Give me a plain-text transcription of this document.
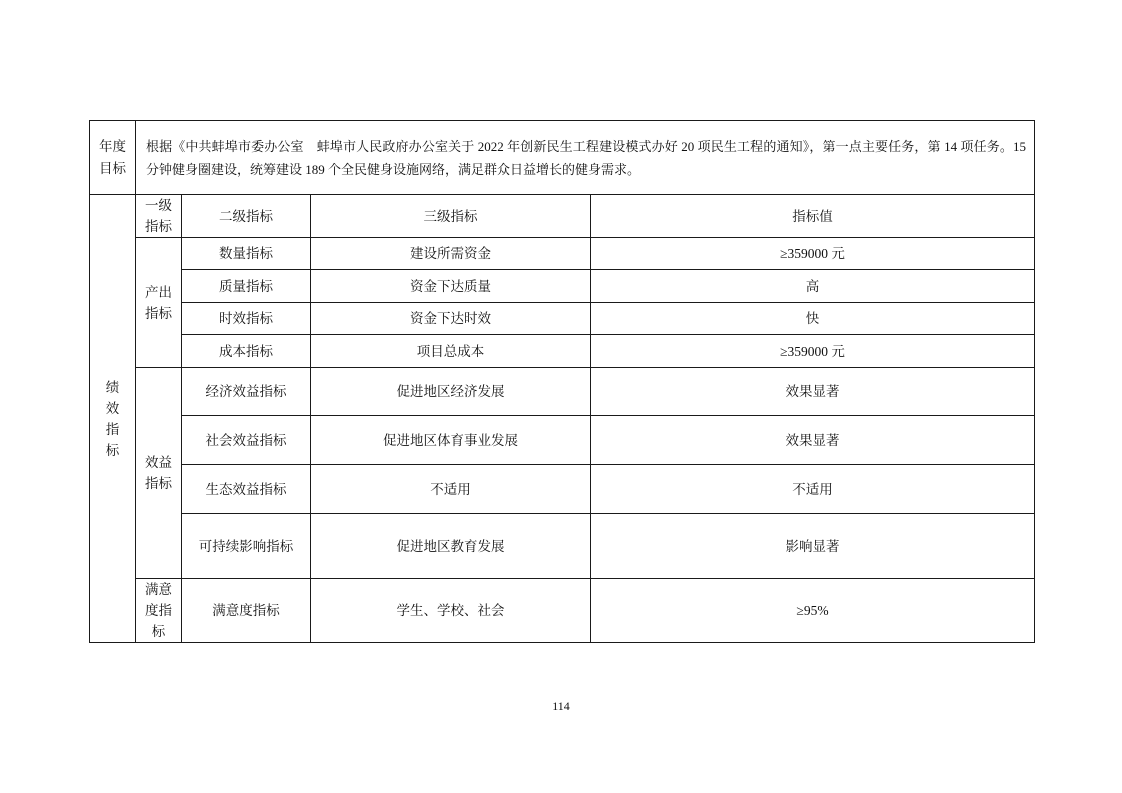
年度目标	根据《中共蚌埠市委办公室　蚌埠市人民政府办公室关于 2022 年创新民生工程建设模式办好 20 项民生工程的通知》，第一点主要任务，第 14 项任务。15 分钟健身圈建设，统筹建设 189 个全民健身设施网络，满足群众日益增长的健身需求。			
绩效指标	一级指标	二级指标	三级指标	指标值
	产出指标	数量指标	建设所需资金	≥359000 元
		质量指标	资金下达质量	高
		时效指标	资金下达时效	快
		成本指标	项目总成本	≥359000 元
	效益指标	经济效益指标	促进地区经济发展	效果显著
		社会效益指标	促进地区体育事业发展	效果显著
		生态效益指标	不适用	不适用
		可持续影响指标	促进地区教育发展	影响显著
	满意度指标	满意度指标	学生、学校、社会	≥95%
114
